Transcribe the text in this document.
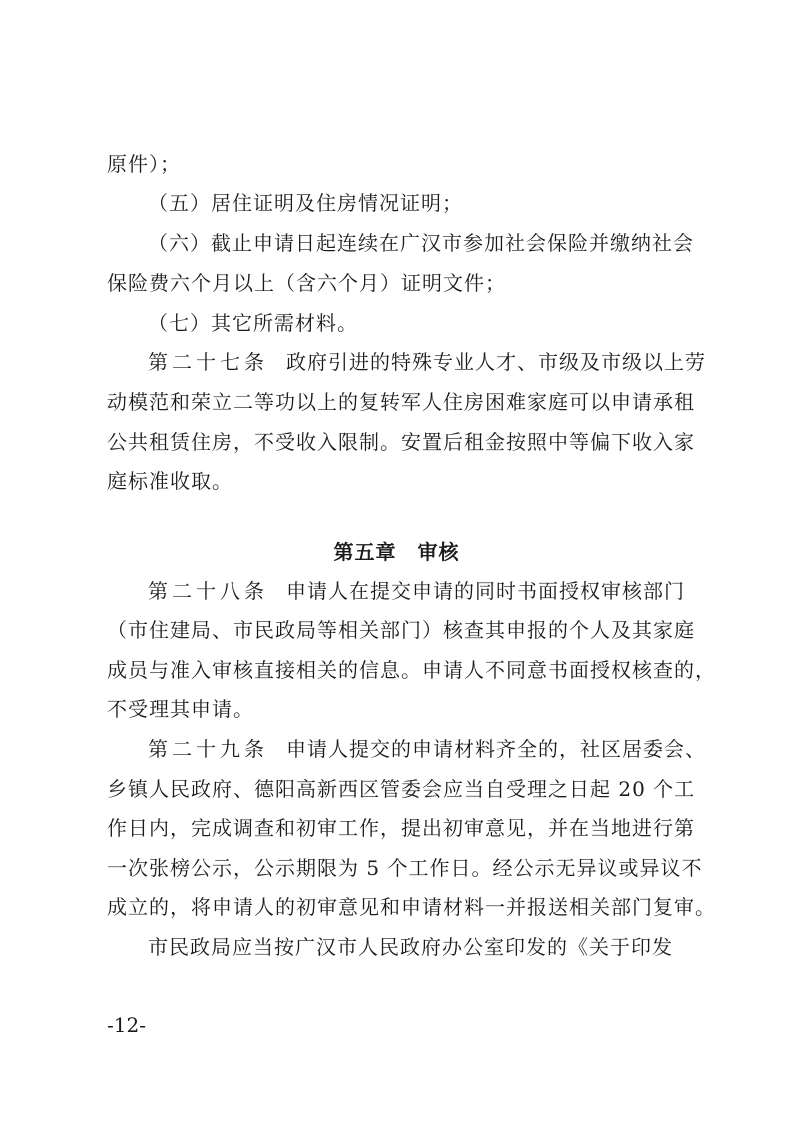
原件）；
（五）居住证明及住房情况证明；
（六）截止申请日起连续在广汉市参加社会保险并缴纳社会
保险费六个月以上（含六个月）证明文件；
（七）其它所需材料。
第二十七条 政府引进的特殊专业人才、市级及市级以上劳
动模范和荣立二等功以上的复转军人住房困难家庭可以申请承租
公共租赁住房，不受收入限制。安置后租金按照中等偏下收入家
庭标准收取。
第五章　审核
第二十八条 申请人在提交申请的同时书面授权审核部门
（市住建局、市民政局等相关部门）核查其申报的个人及其家庭
成员与准入审核直接相关的信息。申请人不同意书面授权核查的，
不受理其申请。
第二十九条 申请人提交的申请材料齐全的，社区居委会、
乡镇人民政府、德阳高新西区管委会应当自受理之日起 20 个工
作日内，完成调查和初审工作，提出初审意见，并在当地进行第
一次张榜公示，公示期限为 5 个工作日。经公示无异议或异议不
成立的，将申请人的初审意见和申请材料一并报送相关部门复审。
市民政局应当按广汉市人民政府办公室印发的《关于印发
-12-
